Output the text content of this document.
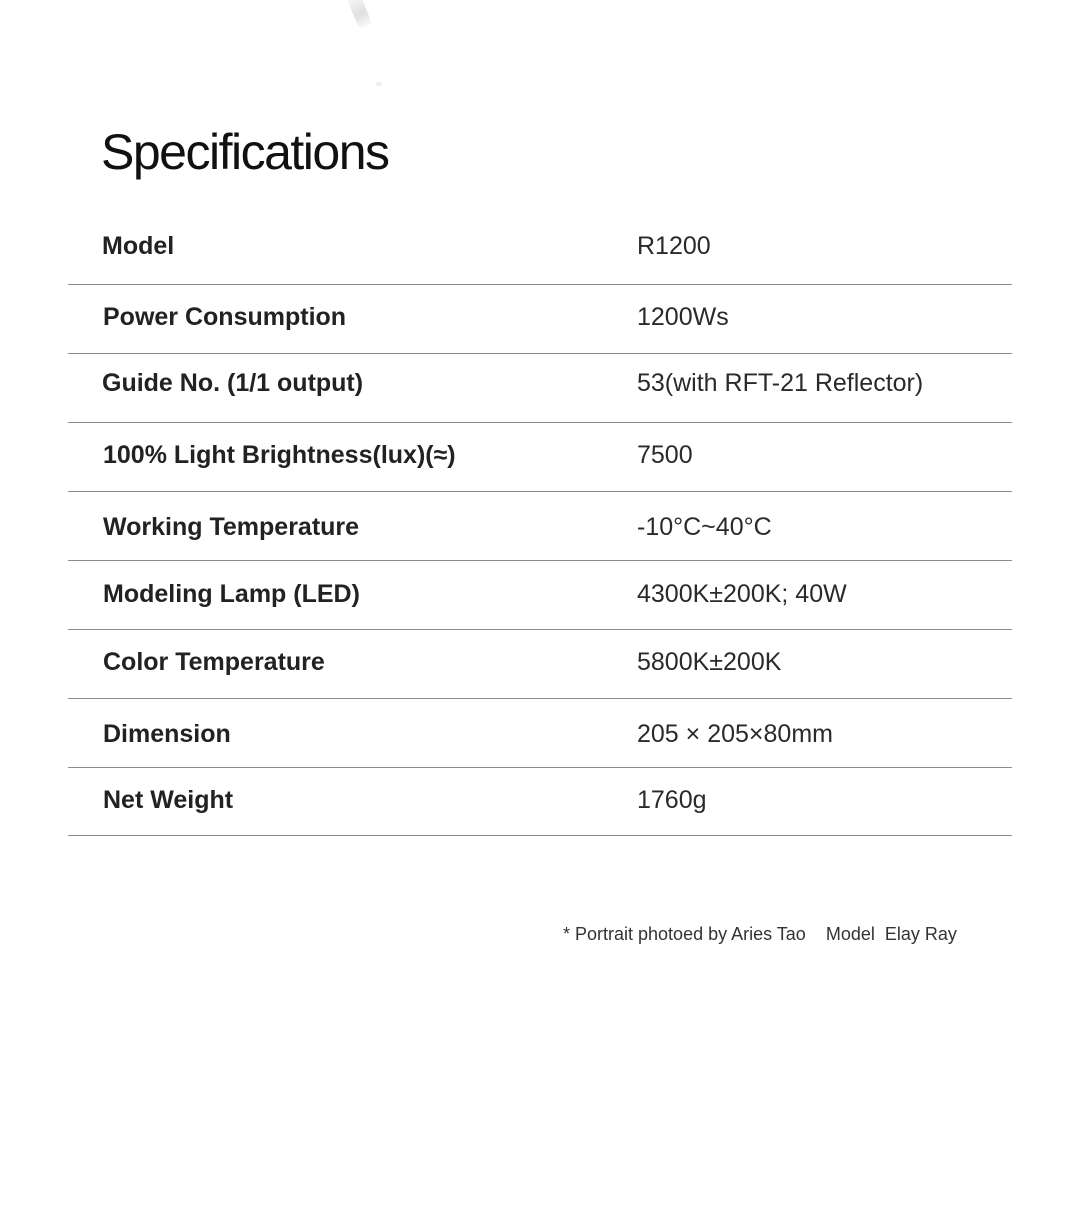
Specifications
Model	R1200
Power Consumption	1200Ws
Guide No. (1/1 output)	53(with RFT-21 Reflector)
100% Light Brightness(lux)(≈)	7500
Working Temperature	-10°C~40°C
Modeling Lamp (LED)	4300K±200K; 40W
Color Temperature	5800K±200K
Dimension	205 × 205×80mm
Net Weight	1760g

* Portrait photoed by Aries Tao    Model  Elay Ray
